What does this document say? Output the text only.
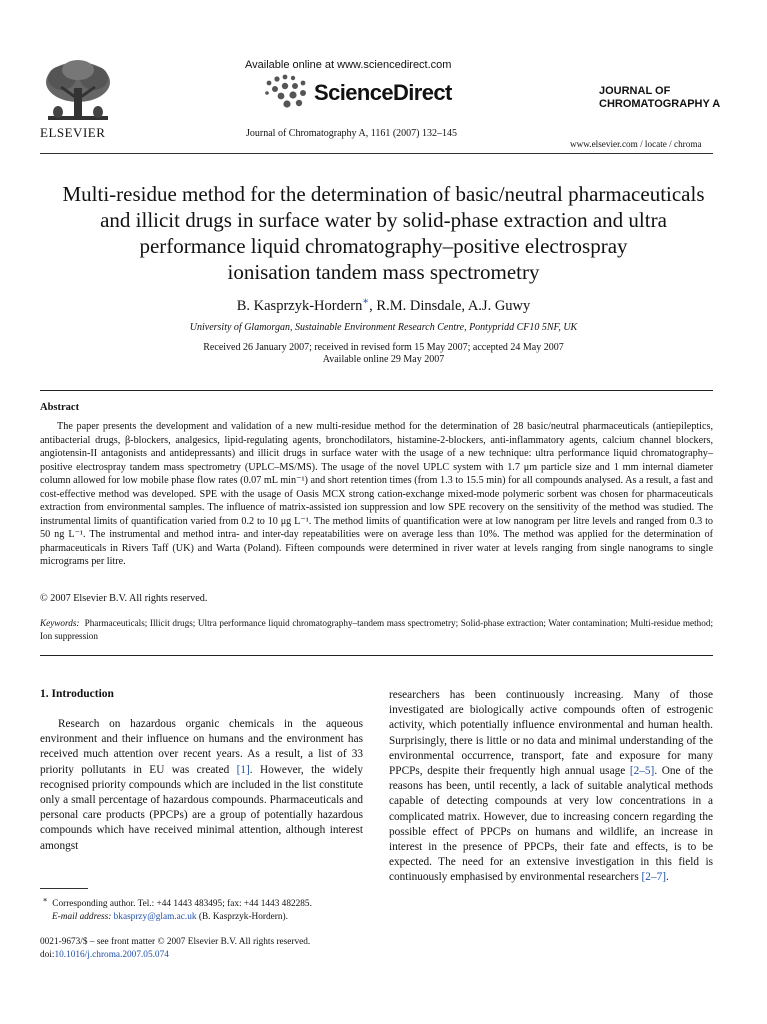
ELSEVIER
Available online at www.sciencedirect.com
ScienceDirect
Journal of Chromatography A, 1161 (2007) 132–145
JOURNAL OF
CHROMATOGRAPHY A
www.elsevier.com / locate / chroma
Multi-residue method for the determination of basic/neutral pharmaceuticals
and illicit drugs in surface water by solid-phase extraction and ultra
performance liquid chromatography–positive electrospray
ionisation tandem mass spectrometry
B. Kasprzyk-Hordern∗, R.M. Dinsdale, A.J. Guwy
University of Glamorgan, Sustainable Environment Research Centre, Pontypridd CF10 5NF, UK
Received 26 January 2007; received in revised form 15 May 2007; accepted 24 May 2007
Available online 29 May 2007
Abstract

The paper presents the development and validation of a new multi-residue method for the determination of 28 basic/neutral pharmaceuticals (antiepileptics, antibacterial drugs, β-blockers, analgesics, lipid-regulating agents, bronchodilators, histamine-2-blockers, anti-inflammatory agents, calcium channel blockers, angiotensin-II antagonists and antidepressants) and illicit drugs in surface water with the usage of a new technique: ultra performance liquid chromatography–positive electrospray tandem mass spectrometry (UPLC–MS/MS). The usage of the novel UPLC system with 1.7 μm particle size and 1 mm internal diameter column allowed for low mobile phase flow rates (0.07 mL min⁻¹) and short retention times (from 1.3 to 15.5 min) for all compounds analysed. As a result, a fast and cost-effective method was developed. SPE with the usage of Oasis MCX strong cation-exchange mixed-mode polymeric sorbent was chosen for pharmaceuticals extraction from environmental samples. The influence of matrix-assisted ion suppression and low SPE recovery on the sensitivity of the method was studied. The instrumental limits of quantification varied from 0.2 to 10 μg L⁻¹. The method limits of quantification were at low nanogram per litre levels and ranged from 0.3 to 50 ng L⁻¹. The instrumental and method intra- and inter-day repeatabilities were on average less than 10%. The method was applied for the determination of pharmaceuticals in Rivers Taff (UK) and Warta (Poland). Fifteen compounds were determined in river water at levels ranging from single nanograms to single micrograms per litre.

© 2007 Elsevier B.V. All rights reserved.
Keywords: Pharmaceuticals; Illicit drugs; Ultra performance liquid chromatography–tandem mass spectrometry; Solid-phase extraction; Water contamination; Multi-residue method; Ion suppression
1. Introduction

Research on hazardous organic chemicals in the aqueous environment and their influence on humans and the environment has received much attention over recent years. As a result, a list of 33 priority pollutants in EU was created [1]. However, the widely recognised priority compounds which are included in the list constitute only a small percentage of hazardous compounds. Pharmaceuticals and personal care products (PPCPs) are a group of potentially hazardous compounds which have received minimal attention, although interest amongst

researchers has been continuously increasing. Many of those investigated are biologically active compounds often of estrogenic activity, which potentially influence environmental and human health. Surprisingly, there is little or no data and minimal understanding of the environmental occurrence, transport, fate and exposure for many PPCPs, despite their frequently high annual usage [2–5]. One of the reasons has been, until recently, a lack of suitable analytical methods capable of detecting compounds at very low concentrations in a complicated matrix. However, due to increasing concern regarding the possible effect of PPCPs on humans and wildlife, an increase in interest in the presence of PPCPs, their fate and effects, is to be expected. The need for an extensive investigation in this field is continuously emphasised by environmental researchers [2–7].

∗ Corresponding author. Tel.: +44 1443 483495; fax: +44 1443 482285.
E-mail address: bkasprzy@glam.ac.uk (B. Kasprzyk-Hordern).
0021-9673/$ – see front matter © 2007 Elsevier B.V. All rights reserved.
doi:10.1016/j.chroma.2007.05.074
